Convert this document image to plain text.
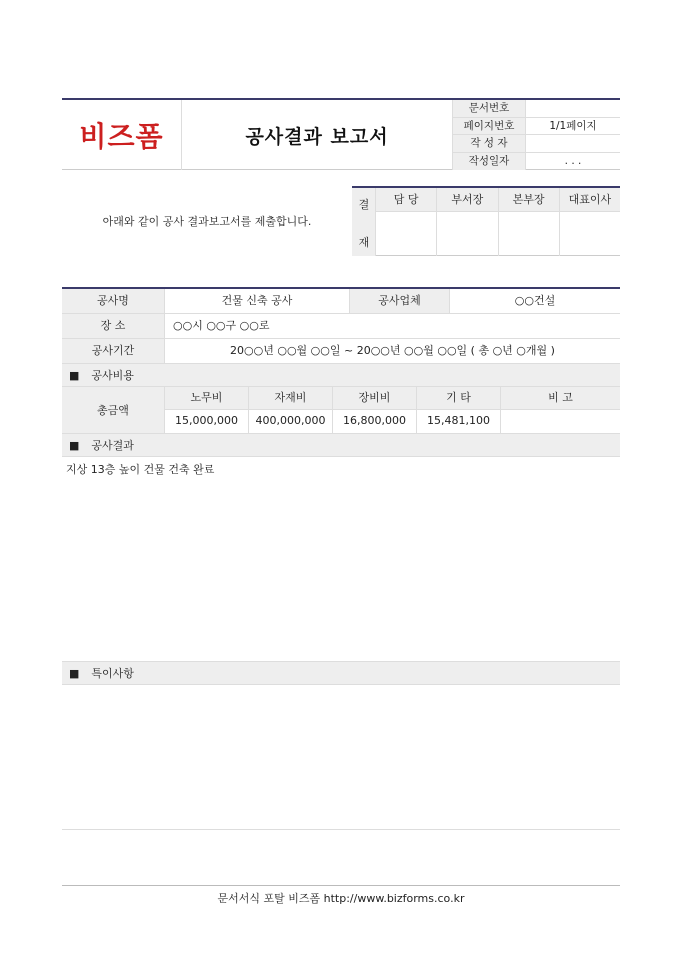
비즈폼	공사결과 보고서
문서번호
페이지번호	1/1페이지
작 성 자
작성일자	. . .
아래와 같이 공사 결과보고서를 제출합니다.
결
재
담 당	부서장	본부장	대표이사
공사명	건물 신축 공사	공사업체	○○건설
장 소	○○시 ○○구 ○○로
공사기간	20○○년 ○○월 ○○일 ~ 20○○년 ○○월 ○○일 ( 총 ○년 ○개월 )
■ 공사비용
총금액
노무비	자재비	장비비	기 타	비 고
15,000,000	400,000,000	16,800,000	15,481,100
■ 공사결과
지상 13층 높이 건물 건축 완료
■ 특이사항
문서서식 포탈 비즈폼 http://www.bizforms.co.kr
